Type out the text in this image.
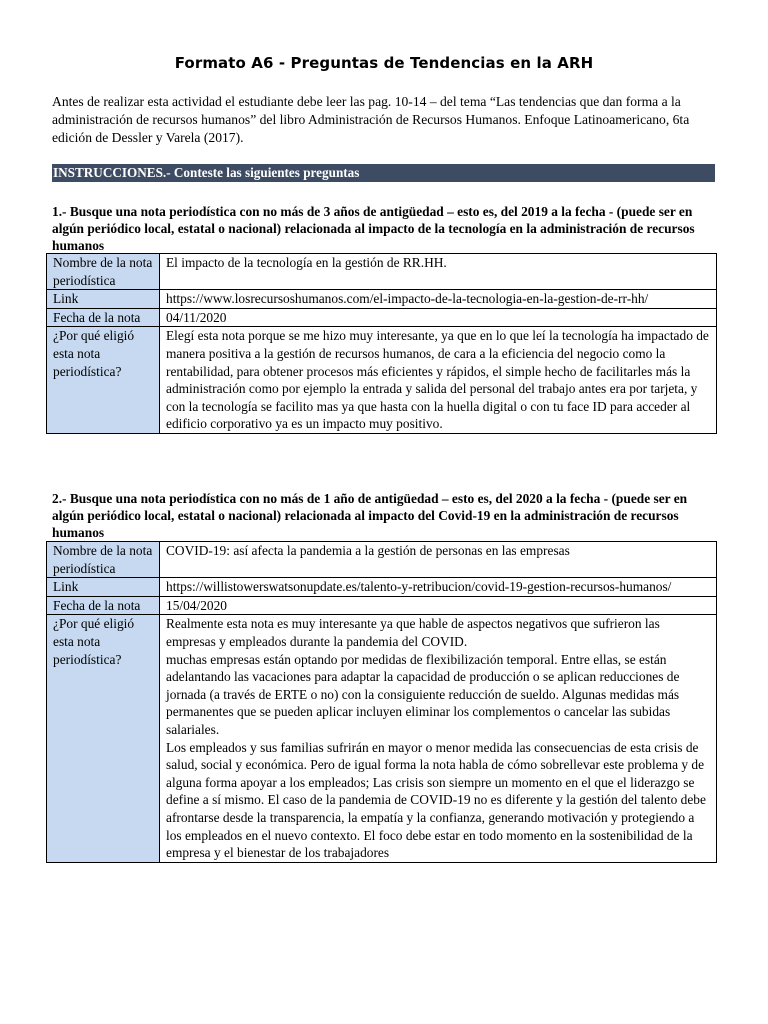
Formato A6 - Preguntas de Tendencias en la ARH
Antes de realizar esta actividad el estudiante debe leer las pag. 10-14 – del tema “Las tendencias que dan forma a la administración de recursos humanos” del libro Administración de Recursos Humanos. Enfoque Latinoamericano, 6ta edición de Dessler y Varela (2017).
INSTRUCCIONES.- Conteste las siguientes preguntas
1.- Busque una nota periodística con no más de 3 años de antigüedad – esto es, del 2019 a la fecha - (puede ser en algún periódico local, estatal o nacional) relacionada al impacto de la tecnología en la administración de recursos humanos
Nombre de la nota periodística	El impacto de la tecnología en la gestión de RR.HH.
Link	https://www.losrecursoshumanos.com/el-impacto-de-la-tecnologia-en-la-gestion-de-rr-hh/
Fecha de la nota	04/11/2020
¿Por qué eligió esta nota periodística?	Elegí esta nota porque se me hizo muy interesante, ya que en lo que leí la tecnología ha impactado de manera positiva a la gestión de recursos humanos, de cara a la eficiencia del negocio como la rentabilidad, para obtener procesos más eficientes y rápidos, el simple hecho de facilitarles más la administración como por ejemplo la entrada y salida del personal del trabajo antes era por tarjeta, y con la tecnología se facilito mas ya que hasta con la huella digital o con tu face ID para acceder al edificio corporativo ya es un impacto muy positivo.
2.- Busque una nota periodística con no más de 1 año de antigüedad – esto es, del 2020 a la fecha - (puede ser en algún periódico local, estatal o nacional) relacionada al impacto del Covid-19 en la administración de recursos humanos
Nombre de la nota periodística	COVID-19: así afecta la pandemia a la gestión de personas en las empresas
Link	https://willistowerswatsonupdate.es/talento-y-retribucion/covid-19-gestion-recursos-humanos/
Fecha de la nota	15/04/2020
¿Por qué eligió esta nota periodística?	Realmente esta nota es muy interesante ya que hable de aspectos negativos que sufrieron las empresas y empleados durante la pandemia del COVID.
muchas empresas están optando por medidas de flexibilización temporal. Entre ellas, se están adelantando las vacaciones para adaptar la capacidad de producción o se aplican reducciones de jornada (a través de ERTE o no) con la consiguiente reducción de sueldo. Algunas medidas más permanentes que se pueden aplicar incluyen eliminar los complementos o cancelar las subidas salariales.
Los empleados y sus familias sufrirán en mayor o menor medida las consecuencias de esta crisis de salud, social y económica. Pero de igual forma la nota habla de cómo sobrellevar este problema y de alguna forma apoyar a los empleados; Las crisis son siempre un momento en el que el liderazgo se define a sí mismo. El caso de la pandemia de COVID-19 no es diferente y la gestión del talento debe afrontarse desde la transparencia, la empatía y la confianza, generando motivación y protegiendo a los empleados en el nuevo contexto. El foco debe estar en todo momento en la sostenibilidad de la empresa y el bienestar de los trabajadores
